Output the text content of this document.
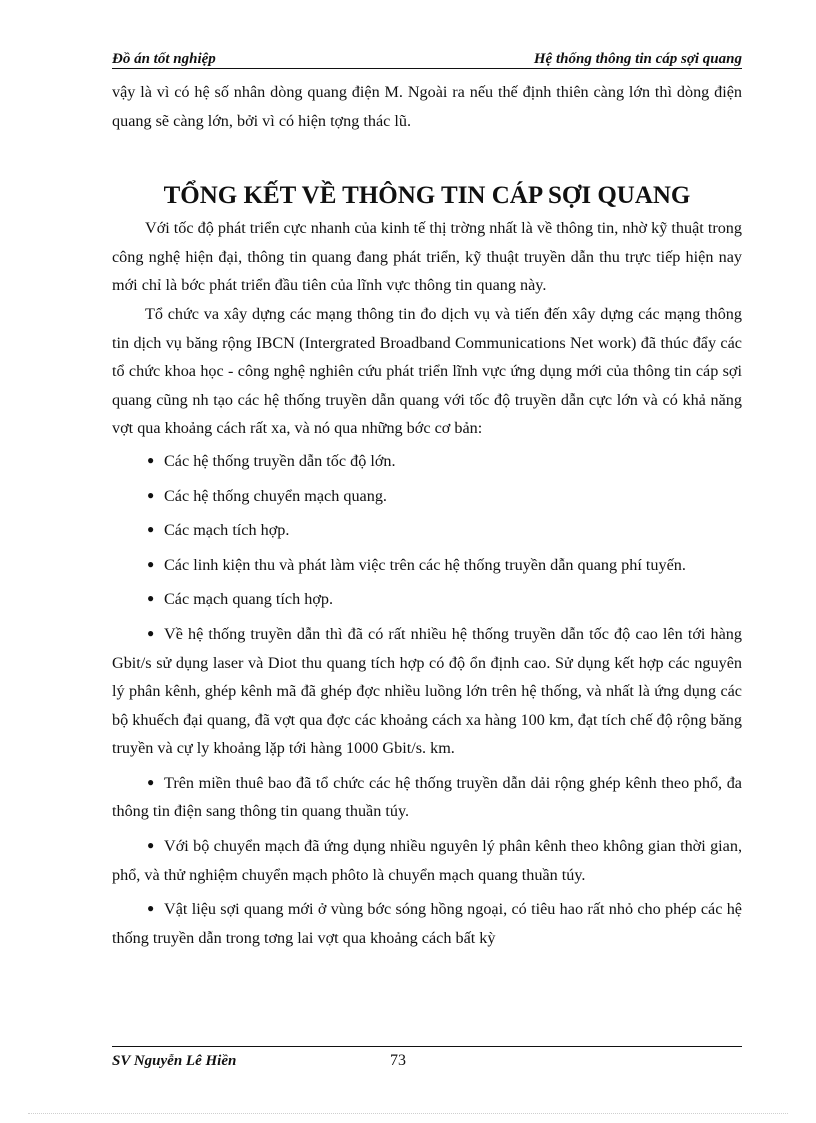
Đồ án tốt nghiệp	Hệ thống thông tin cáp sợi quang

vậy là vì có hệ số nhân dòng quang điện M. Ngoài ra nếu thế định thiên càng lớn thì dòng điện quang sẽ càng lớn, bởi vì có hiện tợng thác lũ.

TỔNG KẾT VỀ THÔNG TIN CÁP SỢI QUANG

Với tốc độ phát triển cực nhanh của kinh tế thị trờng nhất là về thông tin, nhờ kỹ thuật trong công nghệ hiện đại, thông tin quang đang phát triển, kỹ thuật truyền dẫn thu trực tiếp hiện nay mới chỉ là bớc phát triển đầu tiên của lĩnh vực thông tin quang này.

Tổ chức va xây dựng các mạng thông tin đo dịch vụ và tiến đến xây dựng các mạng thông tin dịch vụ băng rộng IBCN (Intergrated Broadband Communications Net work) đã thúc đẩy các tổ chức khoa học - công nghệ nghiên cứu phát triển lĩnh vực ứng dụng mới của thông tin cáp sợi quang cũng nh tạo các hệ thống truyền dẫn quang với tốc độ truyền dẫn cực lớn và có khả năng vợt qua khoảng cách rất xa, và nó qua những bớc cơ bản:

● Các hệ thống truyền dẫn tốc độ lớn.

● Các hệ thống chuyển mạch quang.

● Các mạch tích hợp.

● Các linh kiện thu và phát làm việc trên các hệ thống truyền dẫn quang phí tuyến.

● Các mạch quang tích hợp.

● Về hệ thống truyền dẫn thì đã có rất nhiều hệ thống truyền dẫn tốc độ cao lên tới hàng Gbit/s sử dụng laser và Diot thu quang tích hợp có độ ổn định cao. Sử dụng kết hợp các nguyên lý phân kênh, ghép kênh mã đã ghép đợc nhiều luồng lớn trên hệ thống, và nhất là ứng dụng các bộ khuếch đại quang, đã vợt qua đợc các khoảng cách xa hàng 100 km, đạt tích chế độ rộng băng truyền và cự ly khoảng lặp tới hàng 1000 Gbit/s. km.

● Trên miền thuê bao đã tổ chức các hệ thống truyền dẫn dải rộng ghép kênh theo phổ, đa thông tin điện sang thông tin quang thuần túy.

● Với bộ chuyển mạch đã ứng dụng nhiều nguyên lý phân kênh theo không gian thời gian, phổ, và thử nghiệm chuyển mạch phôto là chuyển mạch quang thuần túy.

● Vật liệu sợi quang mới ở vùng bớc sóng hồng ngoại, có tiêu hao rất nhỏ cho phép các hệ thống truyền dẫn trong tơng lai vợt qua khoảng cách bất kỳ

SV Nguyễn Lê Hiền	73
